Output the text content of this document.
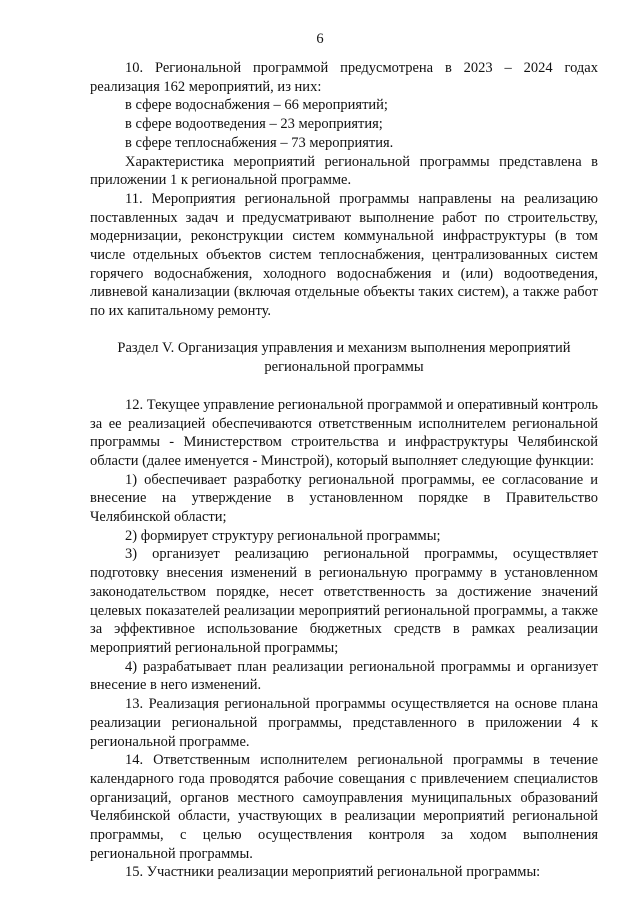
6

10. Региональной программой предусмотрена в 2023 – 2024 годах реализация 162 мероприятий, из них:

в сфере водоснабжения – 66 мероприятий;

в сфере водоотведения – 23 мероприятия;

в сфере теплоснабжения – 73 мероприятия.

Характеристика мероприятий региональной программы представлена в приложении 1 к региональной программе.

11. Мероприятия региональной программы направлены на реализацию поставленных задач и предусматривают выполнение работ по строительству, модернизации, реконструкции систем коммунальной инфраструктуры (в том числе отдельных объектов систем теплоснабжения, централизованных систем горячего водоснабжения, холодного водоснабжения и (или) водоотведения, ливневой канализации (включая отдельные объекты таких систем), а также работ по их капитальному ремонту.

Раздел V. Организация управления и механизм выполнения мероприятий
региональной программы

12. Текущее управление региональной программой и оперативный контроль за ее реализацией обеспечиваются ответственным исполнителем региональной программы - Министерством строительства и инфраструктуры Челябинской области (далее именуется - Минстрой), который выполняет следующие функции:

1) обеспечивает разработку региональной программы, ее согласование и внесение на утверждение в установленном порядке в Правительство Челябинской области;

2) формирует структуру региональной программы;

3) организует реализацию региональной программы, осуществляет подготовку внесения изменений в региональную программу в установленном законодательством порядке, несет ответственность за достижение значений целевых показателей реализации мероприятий региональной программы, а также за эффективное использование бюджетных средств в рамках реализации мероприятий региональной программы;

4) разрабатывает план реализации региональной программы и организует внесение в него изменений.

13. Реализация региональной программы осуществляется на основе плана реализации региональной программы, представленного в приложении 4 к региональной программе.

14. Ответственным исполнителем региональной программы в течение календарного года проводятся рабочие совещания с привлечением специалистов организаций, органов местного самоуправления муниципальных образований Челябинской области, участвующих в реализации мероприятий региональной программы, с целью осуществления контроля за ходом выполнения региональной программы.

15. Участники реализации мероприятий региональной программы:
